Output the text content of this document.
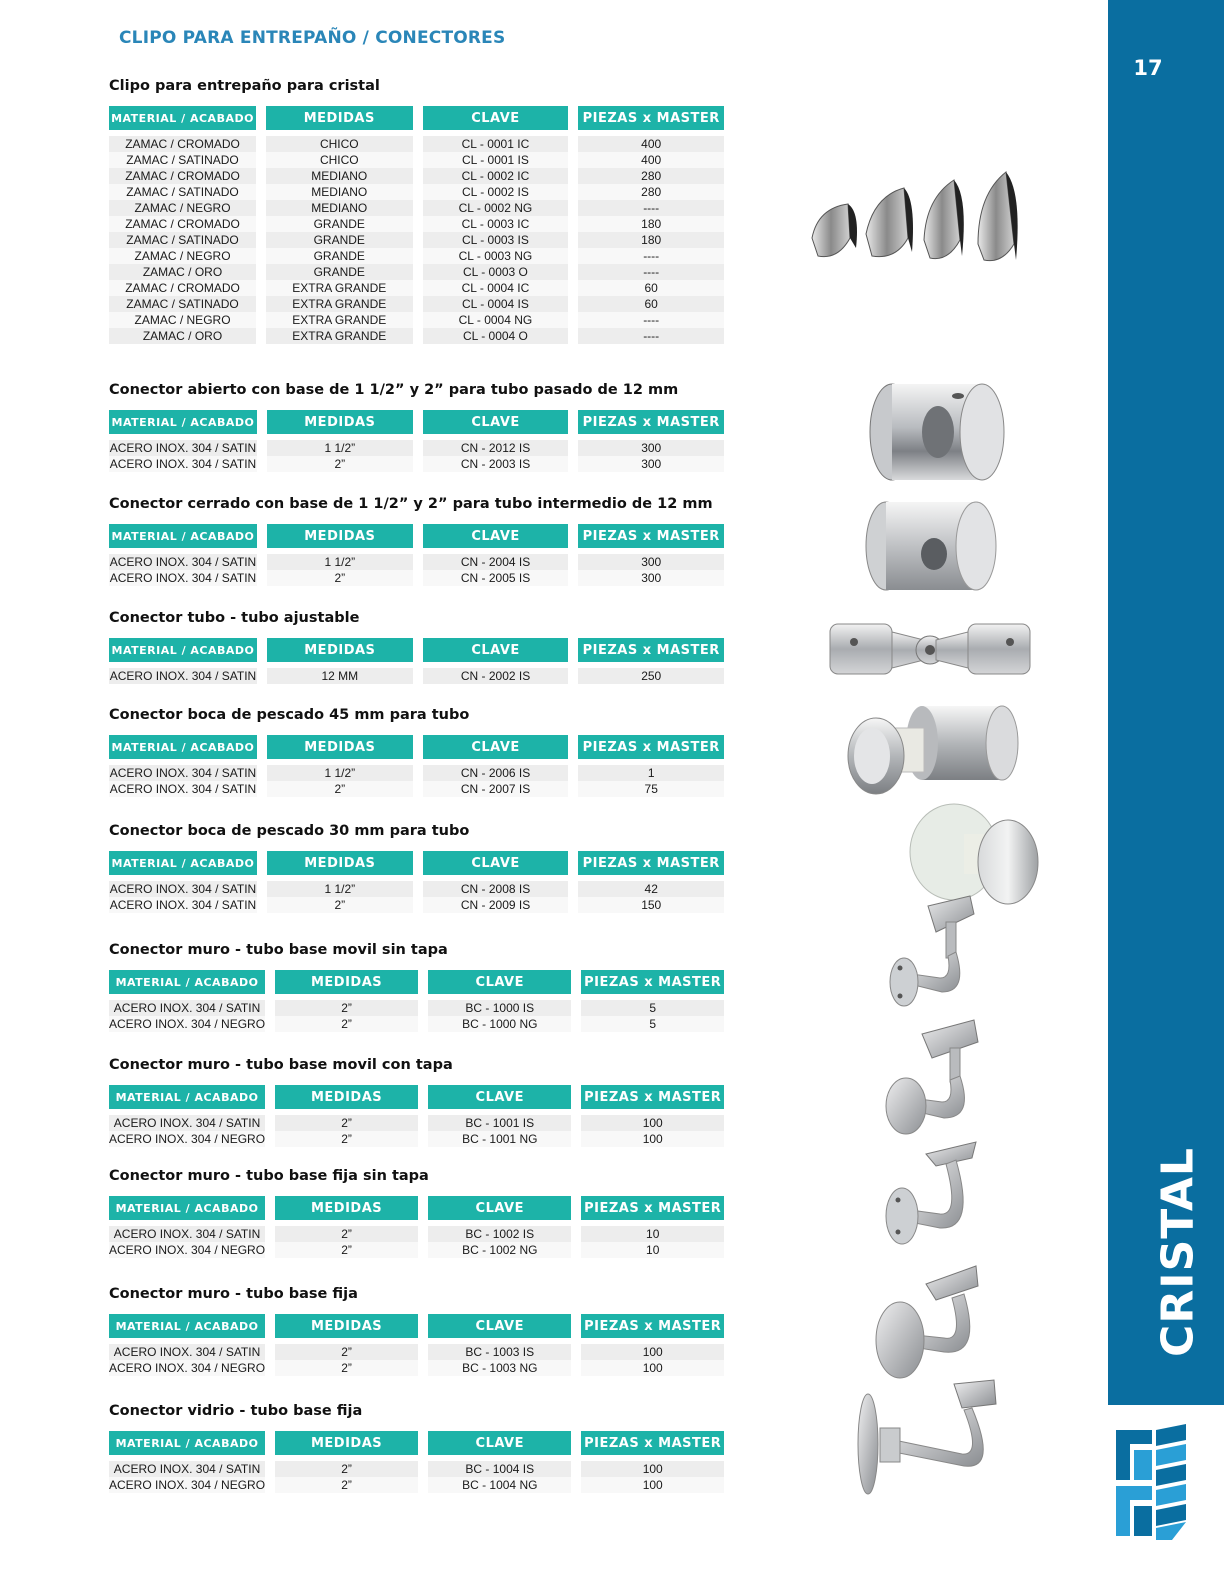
CLIPO PARA ENTREPAÑO / CONECTORES
17
CRISTAL
Clipo para entrepaño para cristal
MATERIAL / ACABADO	MEDIDAS	CLAVE	PIEZAS x MASTER

ZAMAC / CROMADO	CHICO	CL - 0001 IC	400
ZAMAC / SATINADO	CHICO	CL - 0001 IS	400
ZAMAC / CROMADO	MEDIANO	CL - 0002 IC	280
ZAMAC / SATINADO	MEDIANO	CL - 0002 IS	280
ZAMAC / NEGRO	MEDIANO	CL - 0002 NG	----
ZAMAC / CROMADO	GRANDE	CL - 0003 IC	180
ZAMAC / SATINADO	GRANDE	CL - 0003 IS	180
ZAMAC / NEGRO	GRANDE	CL - 0003 NG	----
ZAMAC / ORO	GRANDE	CL - 0003 O	----
ZAMAC / CROMADO	EXTRA GRANDE	CL - 0004 IC	60
ZAMAC / SATINADO	EXTRA GRANDE	CL - 0004 IS	60
ZAMAC / NEGRO	EXTRA GRANDE	CL - 0004 NG	----
ZAMAC / ORO	EXTRA GRANDE	CL - 0004 O	----
Conector abierto con base de 1 1/2” y 2” para tubo pasado de 12 mm
MATERIAL / ACABADO	MEDIDAS	CLAVE	PIEZAS x MASTER

ACERO INOX. 304 / SATIN	1 1/2”	CN - 2012 IS	300
ACERO INOX. 304 / SATIN	2”	CN - 2003 IS	300
Conector cerrado con base de 1 1/2” y 2” para tubo intermedio de 12 mm
MATERIAL / ACABADO	MEDIDAS	CLAVE	PIEZAS x MASTER

ACERO INOX. 304 / SATIN	1 1/2”	CN - 2004 IS	300
ACERO INOX. 304 / SATIN	2”	CN - 2005 IS	300
Conector tubo - tubo ajustable
MATERIAL / ACABADO	MEDIDAS	CLAVE	PIEZAS x MASTER

ACERO INOX. 304 / SATIN	12 MM	CN - 2002 IS	250
Conector boca de pescado 45 mm para tubo
MATERIAL / ACABADO	MEDIDAS	CLAVE	PIEZAS x MASTER

ACERO INOX. 304 / SATIN	1 1/2”	CN - 2006 IS	1
ACERO INOX. 304 / SATIN	2”	CN - 2007 IS	75
Conector boca de pescado 30 mm para tubo
MATERIAL / ACABADO	MEDIDAS	CLAVE	PIEZAS x MASTER

ACERO INOX. 304 / SATIN	1 1/2”	CN - 2008 IS	42
ACERO INOX. 304 / SATIN	2”	CN - 2009 IS	150
Conector muro - tubo base movil sin tapa
MATERIAL / ACABADO	MEDIDAS	CLAVE	PIEZAS x MASTER

ACERO INOX. 304 / SATIN	2”	BC - 1000 IS	5
ACERO INOX. 304 / NEGRO	2”	BC - 1000 NG	5
Conector muro - tubo base movil con tapa
MATERIAL / ACABADO	MEDIDAS	CLAVE	PIEZAS x MASTER

ACERO INOX. 304 / SATIN	2”	BC - 1001 IS	100
ACERO INOX. 304 / NEGRO	2”	BC - 1001 NG	100
Conector muro - tubo base fija sin tapa
MATERIAL / ACABADO	MEDIDAS	CLAVE	PIEZAS x MASTER

ACERO INOX. 304 / SATIN	2”	BC - 1002 IS	10
ACERO INOX. 304 / NEGRO	2”	BC - 1002 NG	10
Conector muro - tubo base fija
MATERIAL / ACABADO	MEDIDAS	CLAVE	PIEZAS x MASTER

ACERO INOX. 304 / SATIN	2”	BC - 1003 IS	100
ACERO INOX. 304 / NEGRO	2”	BC - 1003 NG	100
Conector vidrio - tubo base fija
MATERIAL / ACABADO	MEDIDAS	CLAVE	PIEZAS x MASTER

ACERO INOX. 304 / SATIN	2”	BC - 1004 IS	100
ACERO INOX. 304 / NEGRO	2”	BC - 1004 NG	100
